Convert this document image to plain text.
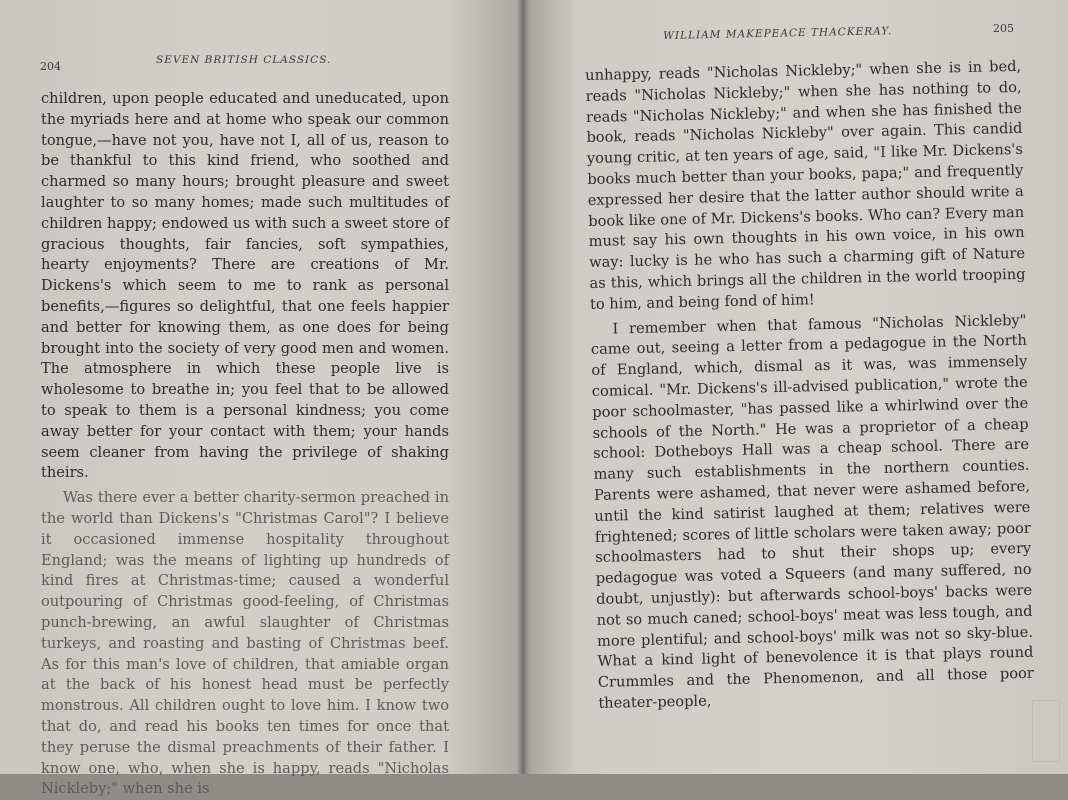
204	SEVEN BRITISH CLASSICS.

children, upon people educated and uneducated, upon the myriads here and at home who speak our common tongue,—have not you, have not I, all of us, reason to be thankful to this kind friend, who soothed and charmed so many hours; brought pleasure and sweet laughter to so many homes; made such multitudes of children happy; endowed us with such a sweet store of gracious thoughts, fair fancies, soft sympathies, hearty enjoyments? There are creations of Mr. Dickens's which seem to me to rank as personal benefits,—figures so delightful, that one feels happier and better for knowing them, as one does for being brought into the society of very good men and women. The atmosphere in which these people live is wholesome to breathe in; you feel that to be allowed to speak to them is a personal kindness; you come away better for your contact with them; your hands seem cleaner from having the privilege of shaking theirs.

Was there ever a better charity-sermon preached in the world than Dickens's "Christmas Carol"? I believe it occasioned immense hospitality throughout England; was the means of lighting up hundreds of kind fires at Christmas-time; caused a wonderful outpouring of Christmas good-feeling, of Christmas punch-brewing, an awful slaughter of Christmas turkeys, and roasting and basting of Christmas beef. As for this man's love of children, that amiable organ at the back of his honest head must be perfectly monstrous. All children ought to love him. I know two that do, and read his books ten times for once that they peruse the dismal preachments of their father. I know one, who, when she is happy, reads "Nicholas Nickleby;" when she is

WILLIAM MAKEPEACE THACKERAY.	205

unhappy, reads "Nicholas Nickleby;" when she is in bed, reads "Nicholas Nickleby;" when she has nothing to do, reads "Nicholas Nickleby;" and when she has finished the book, reads "Nicholas Nickleby" over again. This candid young critic, at ten years of age, said, "I like Mr. Dickens's books much better than your books, papa;" and frequently expressed her desire that the latter author should write a book like one of Mr. Dickens's books. Who can? Every man must say his own thoughts in his own voice, in his own way: lucky is he who has such a charming gift of Nature as this, which brings all the children in the world trooping to him, and being fond of him!

I remember when that famous "Nicholas Nickleby" came out, seeing a letter from a pedagogue in the North of England, which, dismal as it was, was immensely comical. "Mr. Dickens's ill-advised publication," wrote the poor schoolmaster, "has passed like a whirlwind over the schools of the North." He was a proprietor of a cheap school: Dotheboys Hall was a cheap school. There are many such establishments in the northern counties. Parents were ashamed, that never were ashamed before, until the kind satirist laughed at them; relatives were frightened; scores of little scholars were taken away; poor schoolmasters had to shut their shops up; every pedagogue was voted a Squeers (and many suffered, no doubt, unjustly): but afterwards school-boys' backs were not so much caned; school-boys' meat was less tough, and more plentiful; and school-boys' milk was not so sky-blue. What a kind light of benevolence it is that plays round Crummles and the Phenomenon, and all those poor theater-people,
